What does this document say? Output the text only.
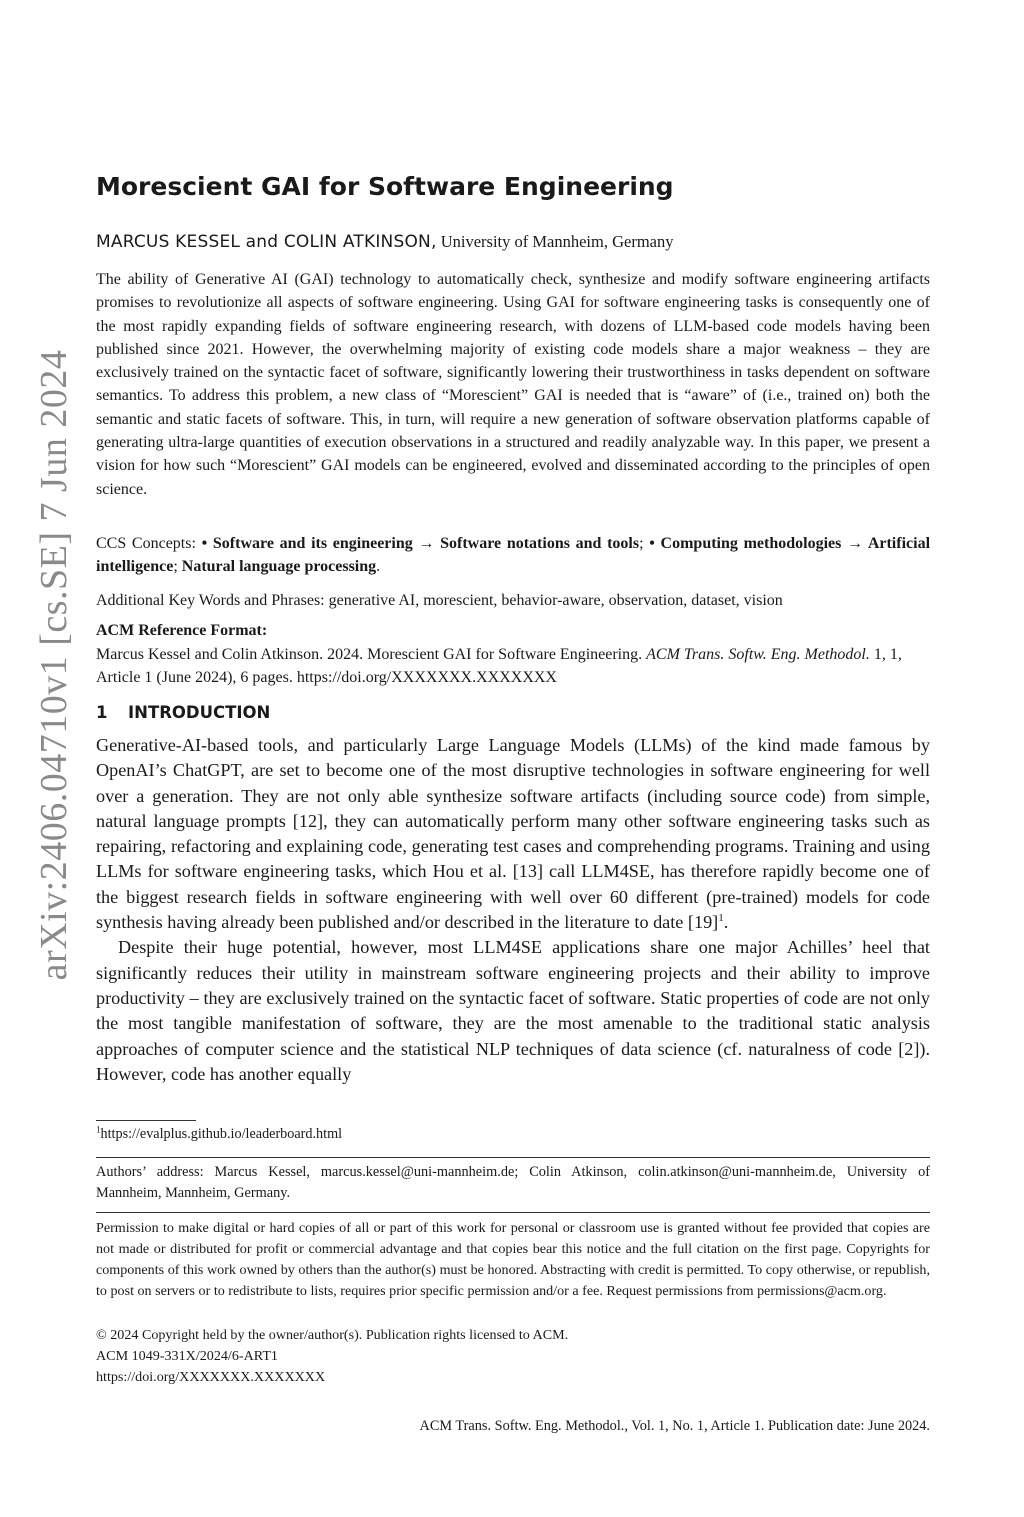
arXiv:2406.04710v1 [cs.SE] 7 Jun 2024
Morescient GAI for Software Engineering
MARCUS KESSEL and COLIN ATKINSON, University of Mannheim, Germany

The ability of Generative AI (GAI) technology to automatically check, synthesize and modify software engineering artifacts promises to revolutionize all aspects of software engineering. Using GAI for software engineering tasks is consequently one of the most rapidly expanding fields of software engineering research, with dozens of LLM-based code models having been published since 2021. However, the overwhelming majority of existing code models share a major weakness – they are exclusively trained on the syntactic facet of software, significantly lowering their trustworthiness in tasks dependent on software semantics. To address this problem, a new class of “Morescient” GAI is needed that is “aware” of (i.e., trained on) both the semantic and static facets of software. This, in turn, will require a new generation of software observation platforms capable of generating ultra-large quantities of execution observations in a structured and readily analyzable way. In this paper, we present a vision for how such “Morescient” GAI models can be engineered, evolved and disseminated according to the principles of open science.

CCS Concepts: • Software and its engineering → Software notations and tools; • Computing methodologies → Artificial intelligence; Natural language processing.

Additional Key Words and Phrases: generative AI, morescient, behavior-aware, observation, dataset, vision

ACM Reference Format:

Marcus Kessel and Colin Atkinson. 2024. Morescient GAI for Software Engineering. ACM Trans. Softw. Eng. Methodol. 1, 1, Article 1 (June 2024), 6 pages. https://doi.org/XXXXXXX.XXXXXXX

1 INTRODUCTION

Generative-AI-based tools, and particularly Large Language Models (LLMs) of the kind made famous by OpenAI’s ChatGPT, are set to become one of the most disruptive technologies in software engineering for well over a generation. They are not only able synthesize software artifacts (including source code) from simple, natural language prompts [12], they can automatically perform many other software engineering tasks such as repairing, refactoring and explaining code, generating test cases and comprehending programs. Training and using LLMs for software engineering tasks, which Hou et al. [13] call LLM4SE, has therefore rapidly become one of the biggest research fields in software engineering with well over 60 different (pre-trained) models for code synthesis having already been published and/or described in the literature to date $[19]^1$.

Despite their huge potential, however, most LLM4SE applications share one major Achilles’ heel that significantly reduces their utility in mainstream software engineering projects and their ability to improve productivity – they are exclusively trained on the syntactic facet of software. Static properties of code are not only the most tangible manifestation of software, they are the most amenable to the traditional static analysis approaches of computer science and the statistical NLP techniques of data science (cf. naturalness of code [2]). However, code has another equally

$^1$https://evalplus.github.io/leaderboard.html

Authors’ address: Marcus Kessel, marcus.kessel@uni-mannheim.de; Colin Atkinson, colin.atkinson@uni-mannheim.de, University of Mannheim, Mannheim, Germany.

Permission to make digital or hard copies of all or part of this work for personal or classroom use is granted without fee provided that copies are not made or distributed for profit or commercial advantage and that copies bear this notice and the full citation on the first page. Copyrights for components of this work owned by others than the author(s) must be honored. Abstracting with credit is permitted. To copy otherwise, or republish, to post on servers or to redistribute to lists, requires prior specific permission and/or a fee. Request permissions from permissions@acm.org.

© 2024 Copyright held by the owner/author(s). Publication rights licensed to ACM.
ACM 1049-331X/2024/6-ART1
https://doi.org/XXXXXXX.XXXXXXX
ACM Trans. Softw. Eng. Methodol., Vol. 1, No. 1, Article 1. Publication date: June 2024.
